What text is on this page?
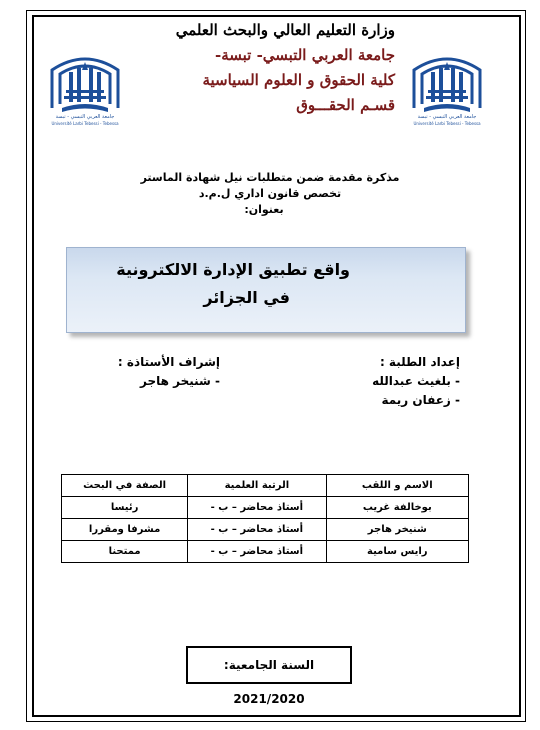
جامعة العربي التبسي - تبسة
Université Larbi Tebessi - Tebessa
جامعة العربي التبسي - تبسة
Université Larbi Tebessi - Tebessa
وزارة التعليم العالي والبحث العلمي
جامعة العربي التبسي- تبسة-
كلية الحقوق و العلوم السياسية
قسـم الحقـــوق
مذكرة مقدمة ضمن متطلبات نيل شهادة الماستر
تخصص قانون اداري ل.م.د
بعنوان:
واقع تطبيق الإدارة الالكترونية
في الجزائر
إعداد الطلبة :
- بلغيث عبدالله
- زعفان ريمة
إشراف الأستاذة :
- شنيخر هاجر
الاسم و اللقب	الرتبة العلمية	الصفة في البحث
بوخالفة غريب	أستاذ محاضر – ب -	رئيسا
شنيخر هاجر	أستاذ محاضر – ب -	مشرفا ومقررا
رايس سامية	أستاذ محاضر – ب -	ممتحنا
السنة الجامعية: 2021/2020
